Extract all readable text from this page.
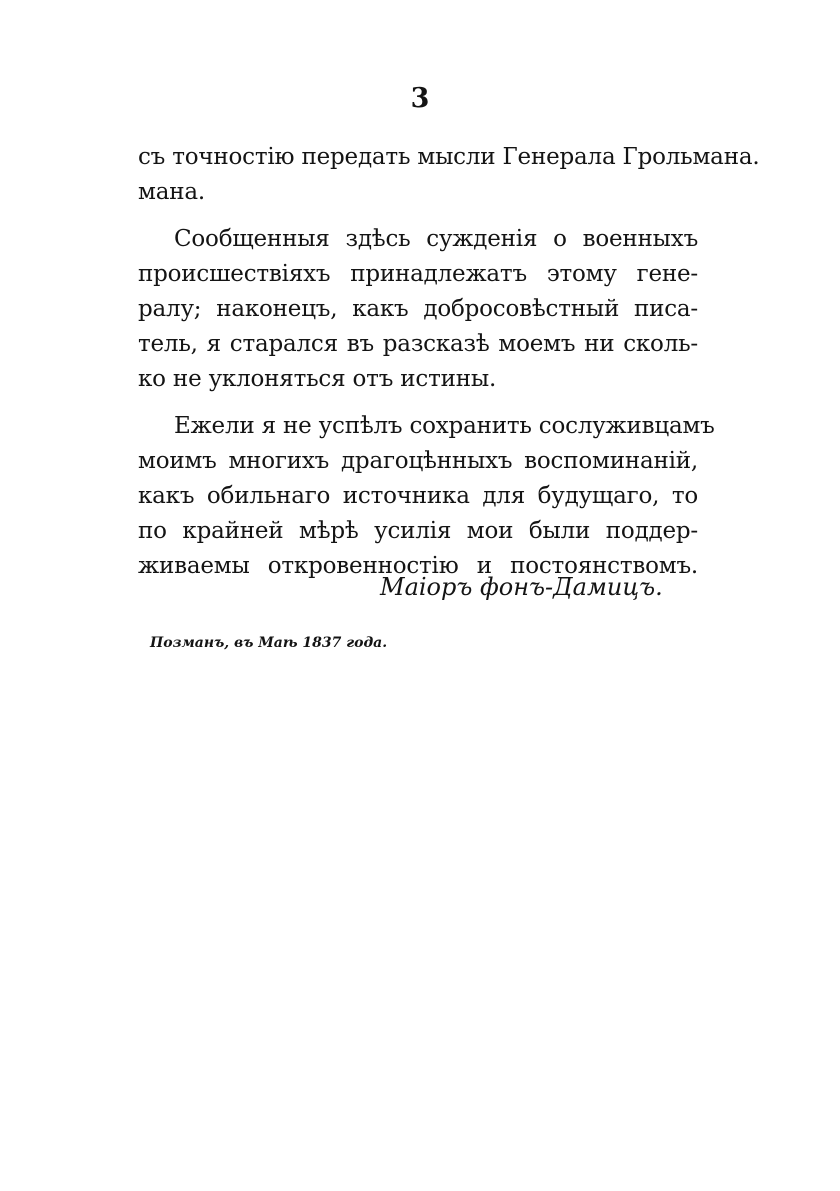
3
съ точностію передать мысли Генерала Грольмана.
мана.
Сообщенныя здѣсь сужденія о военныхъ
происшествіяхъ принадлежатъ этому гене-
ралу; наконецъ, какъ добросовѣстный писа-
тель, я старался въ разсказѣ моемъ ни сколь-
ко не уклоняться отъ истины.
Ежели я не успѣлъ сохранить сослуживцамъ
моимъ многихъ драгоцѣнныхъ воспоминаній,
какъ обильнаго источника для будущаго, то
по крайней мѣрѣ усилія мои были поддер-
живаемы откровенностію и постоянствомъ.
Маіоръ фонъ-Дамицъ.
Позманъ, въ Маѣ 1837 года.
